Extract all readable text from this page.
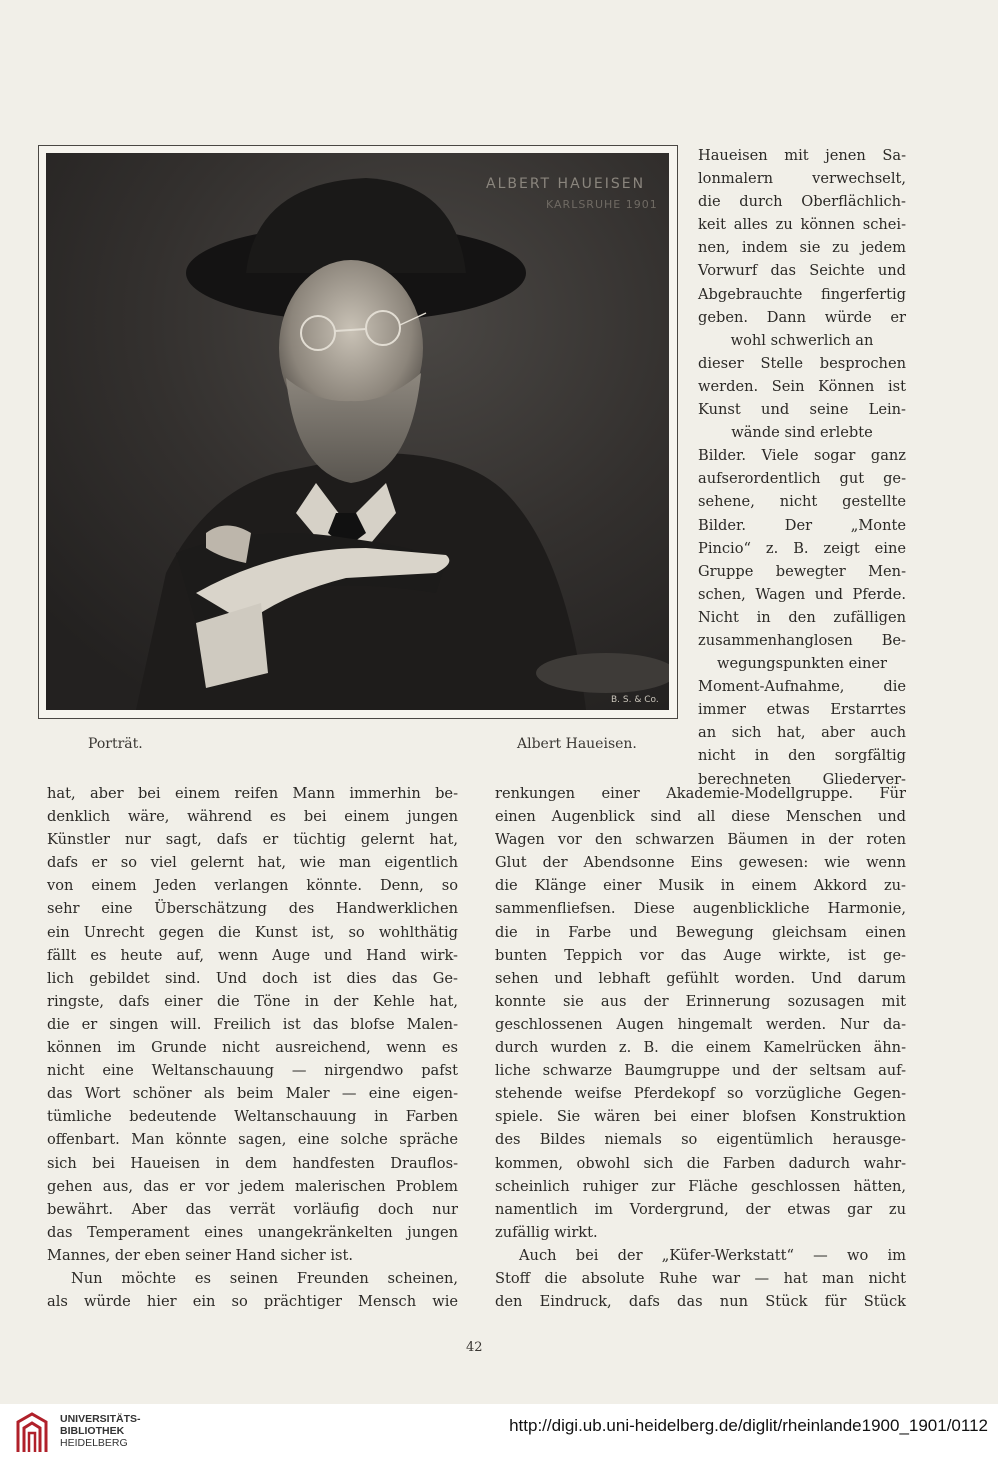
ALBERT HAUEISEN
KARLSRUHE 1901
B. S. & Co.
Porträt.	Albert Haueisen.
Haueisen mit jenen Sa-
lonmalern verwechselt,
die durch Oberflächlich-
keit alles zu können schei-
nen, indem sie zu jedem
Vorwurf das Seichte und
Abgebrauchte fingerfertig
geben. Dann würde er
wohl schwerlich an
dieser Stelle besprochen
werden. Sein Können ist
Kunst und seine Lein-
wände sind erlebte
Bilder. Viele sogar ganz
aufserordentlich gut ge-
sehene, nicht gestellte
Bilder. Der „Monte
Pincio“ z. B. zeigt eine
Gruppe bewegter Men-
schen, Wagen und Pferde.
Nicht in den zufälligen
zusammenhanglosen Be-
wegungspunkten einer
Moment-Aufnahme, die
immer etwas Erstarrtes
an sich hat, aber auch
nicht in den sorgfältig
berechneten Gliederver-
hat, aber bei einem reifen Mann immerhin be-
denklich wäre, während es bei einem jungen
Künstler nur sagt, dafs er tüchtig gelernt hat,
dafs er so viel gelernt hat, wie man eigentlich
von einem Jeden verlangen könnte. Denn, so
sehr eine Überschätzung des Handwerklichen
ein Unrecht gegen die Kunst ist, so wohlthätig
fällt es heute auf, wenn Auge und Hand wirk-
lich gebildet sind. Und doch ist dies das Ge-
ringste, dafs einer die Töne in der Kehle hat,
die er singen will. Freilich ist das blofse Malen-
können im Grunde nicht ausreichend, wenn es
nicht eine Weltanschauung — nirgendwo pafst
das Wort schöner als beim Maler — eine eigen-
tümliche bedeutende Weltanschauung in Farben
offenbart. Man könnte sagen, eine solche spräche
sich bei Haueisen in dem handfesten Drauflos-
gehen aus, das er vor jedem malerischen Problem
bewährt. Aber das verrät vorläufig doch nur
das Temperament eines unangekränkelten jungen
Mannes, der eben seiner Hand sicher ist.
Nun möchte es seinen Freunden scheinen,
als würde hier ein so prächtiger Mensch wie
renkungen einer Akademie-Modellgruppe. Für
einen Augenblick sind all diese Menschen und
Wagen vor den schwarzen Bäumen in der roten
Glut der Abendsonne Eins gewesen: wie wenn
die Klänge einer Musik in einem Akkord zu-
sammenfliefsen. Diese augenblickliche Harmonie,
die in Farbe und Bewegung gleichsam einen
bunten Teppich vor das Auge wirkte, ist ge-
sehen und lebhaft gefühlt worden. Und darum
konnte sie aus der Erinnerung sozusagen mit
geschlossenen Augen hingemalt werden. Nur da-
durch wurden z. B. die einem Kamelrücken ähn-
liche schwarze Baumgruppe und der seltsam auf-
stehende weifse Pferdekopf so vorzügliche Gegen-
spiele. Sie wären bei einer blofsen Konstruktion
des Bildes niemals so eigentümlich herausge-
kommen, obwohl sich die Farben dadurch wahr-
scheinlich ruhiger zur Fläche geschlossen hätten,
namentlich im Vordergrund, der etwas gar zu
zufällig wirkt.
Auch bei der „Küfer-Werkstatt“ — wo im
Stoff die absolute Ruhe war — hat man nicht
den Eindruck, dafs das nun Stück für Stück
42
UNIVERSITÄTS-
BIBLIOTHEK
HEIDELBERG
http://digi.ub.uni-heidelberg.de/diglit/rheinlande1900_1901/0112
